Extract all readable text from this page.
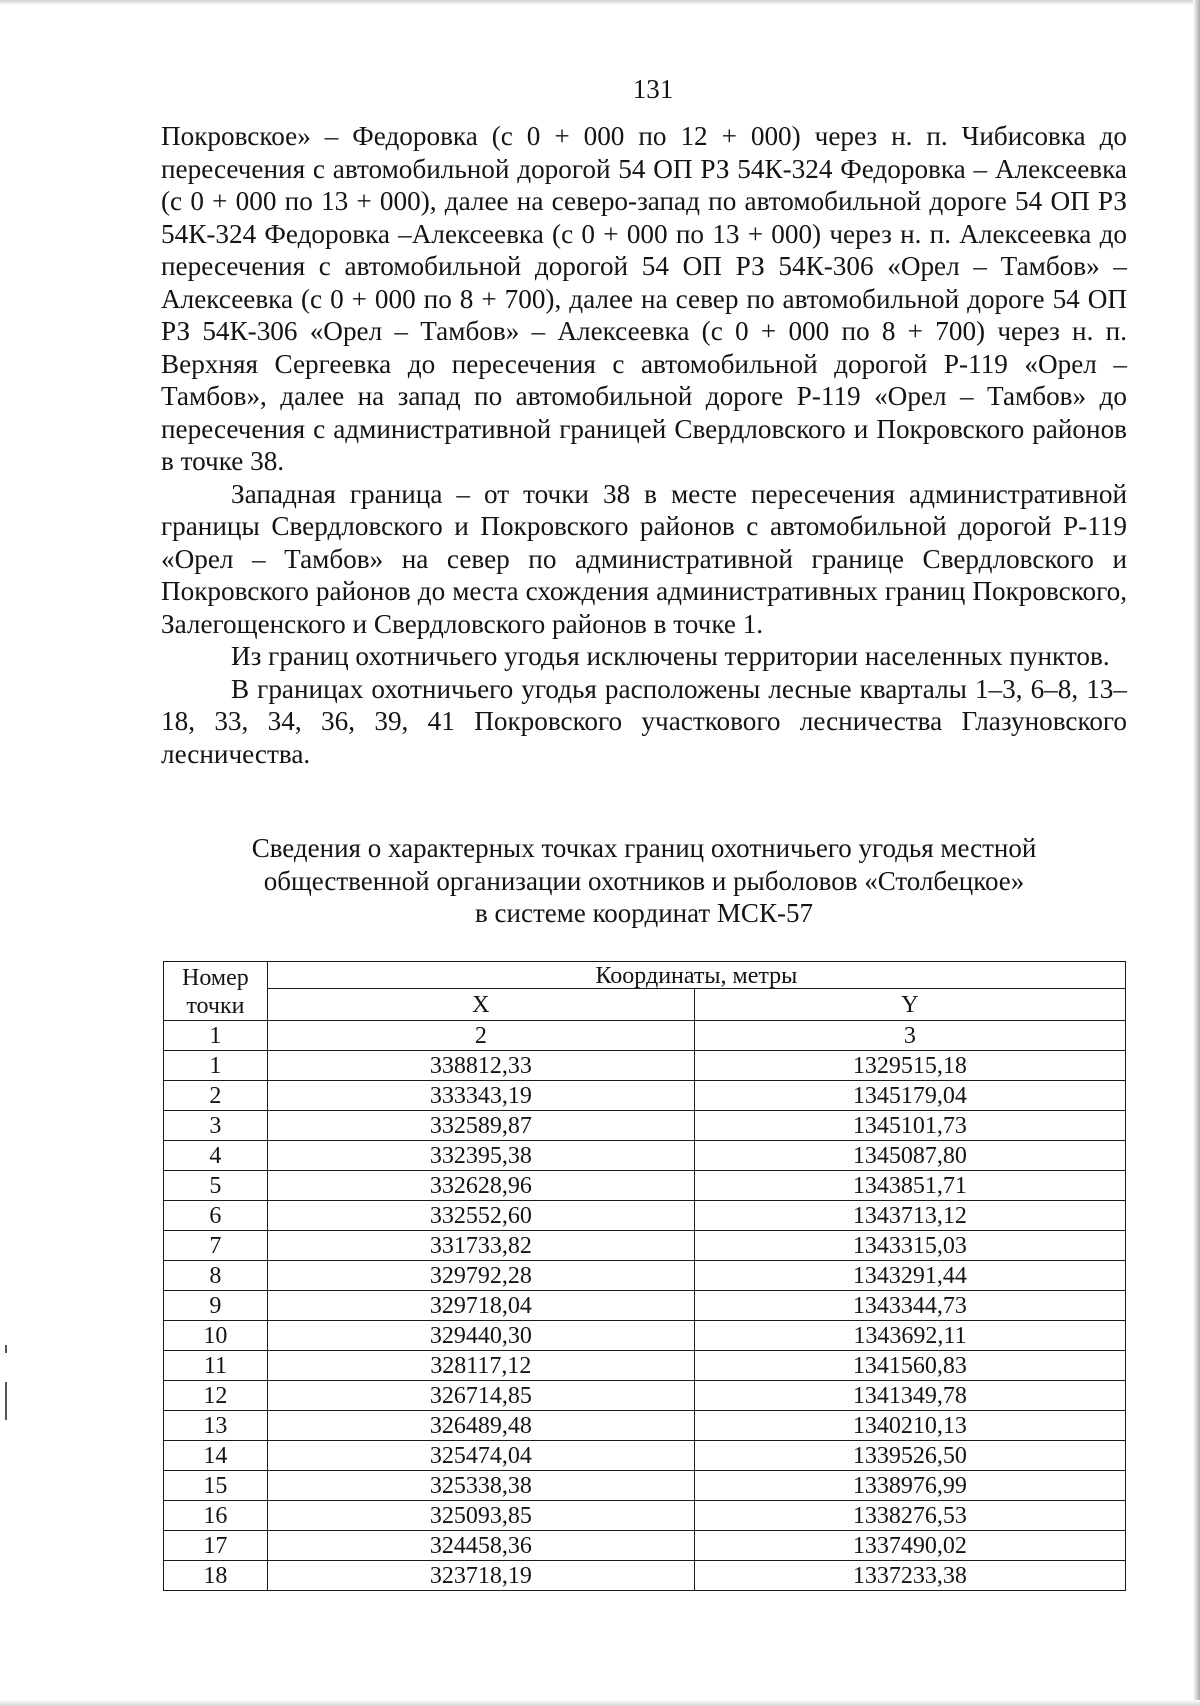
131

Покровское» – Федоровка (с 0 + 000 по 12 + 000) через н. п. Чибисовка до пересечения с автомобильной дорогой 54 ОП РЗ 54К-324 Федоровка – Алексеевка (с 0 + 000 по 13 + 000), далее на северо-запад по автомобильной дороге 54 ОП РЗ 54К-324 Федоровка –Алексеевка (с 0 + 000 по 13 + 000) через н. п. Алексеевка до пересечения с автомобильной дорогой 54 ОП РЗ 54К-306 «Орел – Тамбов» – Алексеевка (с 0 + 000 по 8 + 700), далее на север по автомобильной дороге 54 ОП РЗ 54К-306 «Орел – Тамбов» – Алексеевка (с 0 + 000 по 8 + 700) через н. п. Верхняя Сергеевка до пересечения с автомобильной дорогой Р-119 «Орел – Тамбов», далее на запад по автомобильной дороге Р-119 «Орел – Тамбов» до пересечения с административной границей Свердловского и Покровского районов в точке 38.

Западная граница – от точки 38 в месте пересечения административной границы Свердловского и Покровского районов с автомобильной дорогой Р-119 «Орел – Тамбов» на север по административной границе Свердловского и Покровского районов до места схождения административных границ Покровского, Залегощенского и Свердловского районов в точке 1.

Из границ охотничьего угодья исключены территории населенных пунктов.

В границах охотничьего угодья расположены лесные кварталы 1–3, 6–8, 13–18, 33, 34, 36, 39, 41 Покровского участкового лесничества Глазуновского лесничества.

Сведения о характерных точках границ охотничьего угодья местной
общественной организации охотников и рыболовов «Столбецкое»
в системе координат МСК-57
Номер
точки	Координаты, метры	
	X	Y
1	2	3
1	338812,33	1329515,18
2	333343,19	1345179,04
3	332589,87	1345101,73
4	332395,38	1345087,80
5	332628,96	1343851,71
6	332552,60	1343713,12
7	331733,82	1343315,03
8	329792,28	1343291,44
9	329718,04	1343344,73
10	329440,30	1343692,11
11	328117,12	1341560,83
12	326714,85	1341349,78
13	326489,48	1340210,13
14	325474,04	1339526,50
15	325338,38	1338976,99
16	325093,85	1338276,53
17	324458,36	1337490,02
18	323718,19	1337233,38
